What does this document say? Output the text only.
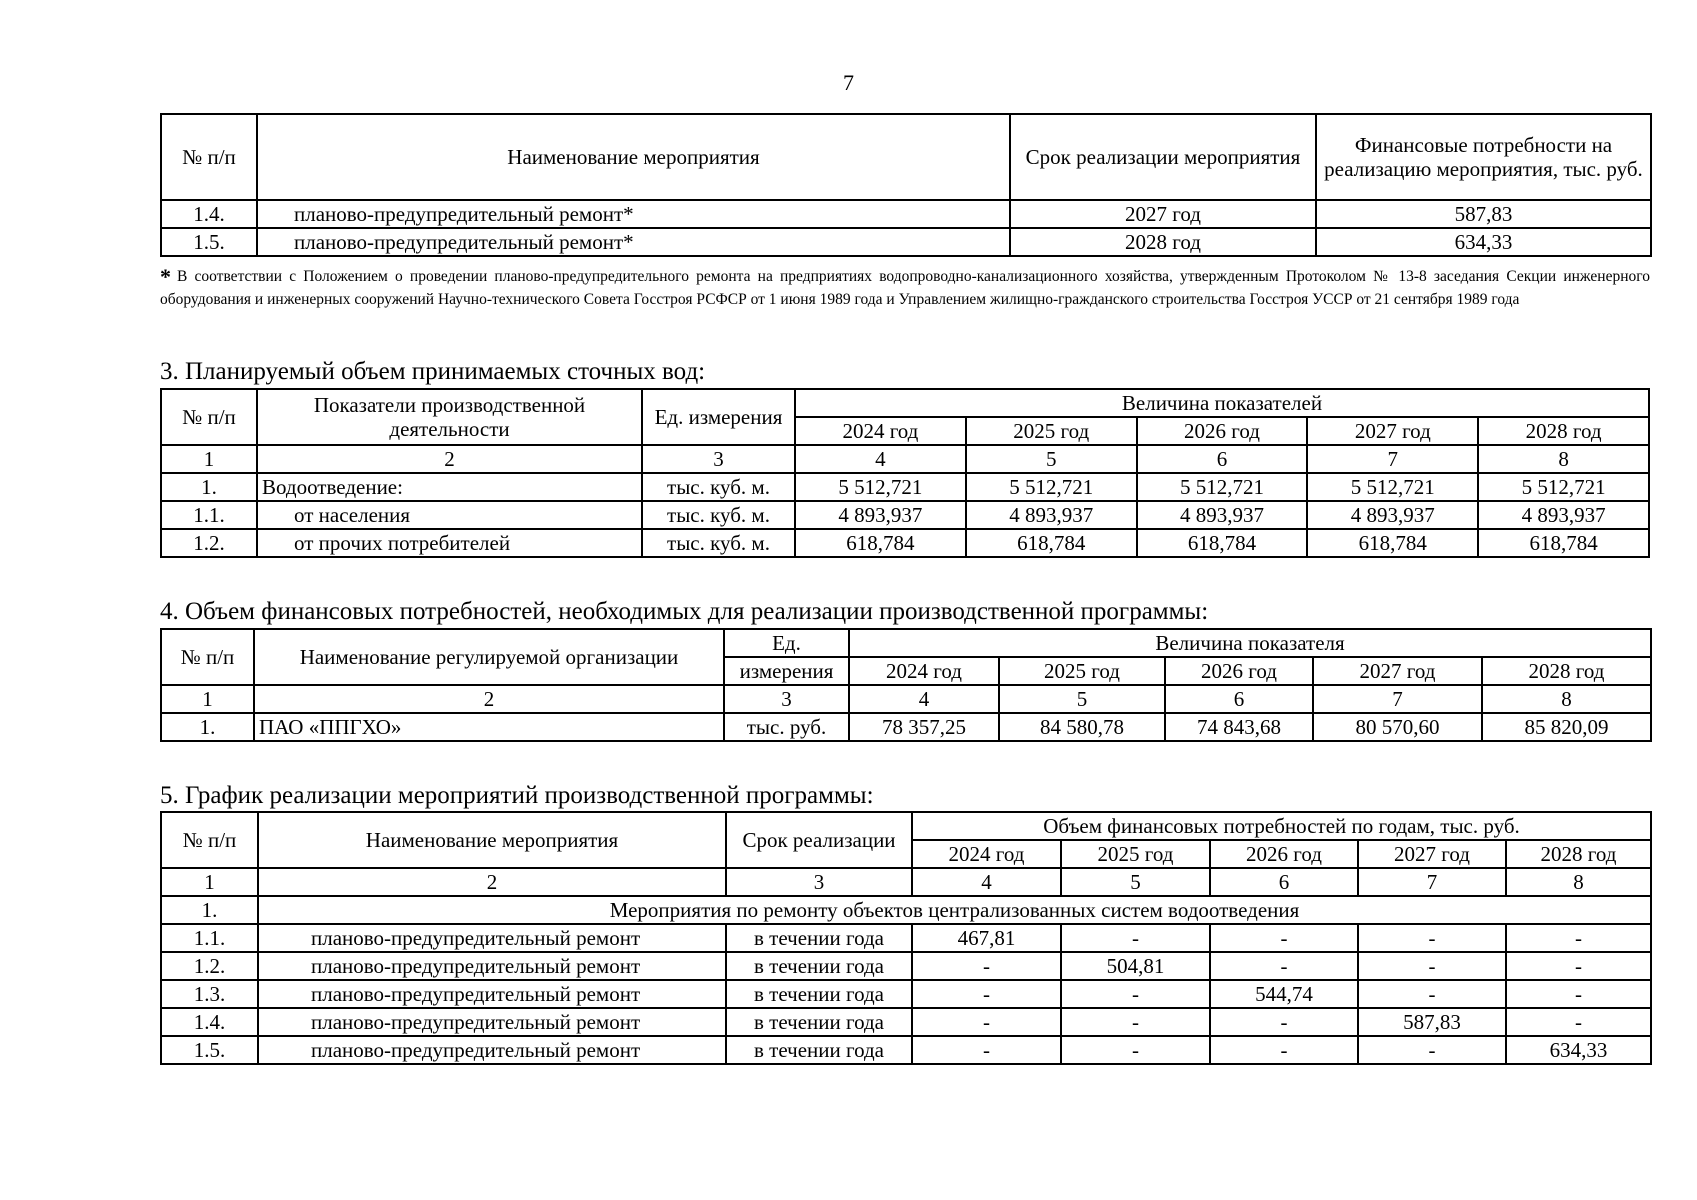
7
№ п/п	Наименование мероприятия	Срок реализации мероприятия	Финансовые потребности на реализацию мероприятия, тыс. руб.
1.4.	планово-предупредительный ремонт*	2027 год	587,83
1.5.	планово-предупредительный ремонт*	2028 год	634,33
* В соответствии с Положением о проведении планово-предупредительного ремонта на предприятиях водопроводно-канализационного хозяйства, утвержденным Протоколом № 13-8 заседания Секции инженерного оборудования и инженерных сооружений Научно-технического Совета Госстроя РСФСР от 1 июня 1989 года и Управлением жилищно-гражданского строительства Госстроя УССР от 21 сентября 1989 года
3. Планируемый объем принимаемых сточных вод:
№ п/п	Показатели производственной деятельности	Ед. измерения	Величина показателей				
			2024 год	2025 год	2026 год	2027 год	2028 год
1	2	3	4	5	6	7	8
1.	Водоотведение:	тыс. куб. м.	5 512,721	5 512,721	5 512,721	5 512,721	5 512,721
1.1.	от населения	тыс. куб. м.	4 893,937	4 893,937	4 893,937	4 893,937	4 893,937
1.2.	от прочих потребителей	тыс. куб. м.	618,784	618,784	618,784	618,784	618,784
4. Объем финансовых потребностей, необходимых для реализации производственной программы:
№ п/п	Наименование регулируемой организации	Ед.	Величина показателя				
		измерения	2024 год	2025 год	2026 год	2027 год	2028 год
1	2	3	4	5	6	7	8
1.	ПАО «ППГХО»	тыс. руб.	78 357,25	84 580,78	74 843,68	80 570,60	85 820,09
5. График реализации мероприятий производственной программы:
№ п/п	Наименование мероприятия	Срок реализации	Объем финансовых потребностей по годам, тыс. руб.				
			2024 год	2025 год	2026 год	2027 год	2028 год
1	2	3	4	5	6	7	8
1.	Мероприятия по ремонту объектов централизованных систем водоотведения						
1.1.	планово-предупредительный ремонт	в течении года	467,81	-	-	-	-
1.2.	планово-предупредительный ремонт	в течении года	-	504,81	-	-	-
1.3.	планово-предупредительный ремонт	в течении года	-	-	544,74	-	-
1.4.	планово-предупредительный ремонт	в течении года	-	-	-	587,83	-
1.5.	планово-предупредительный ремонт	в течении года	-	-	-	-	634,33
